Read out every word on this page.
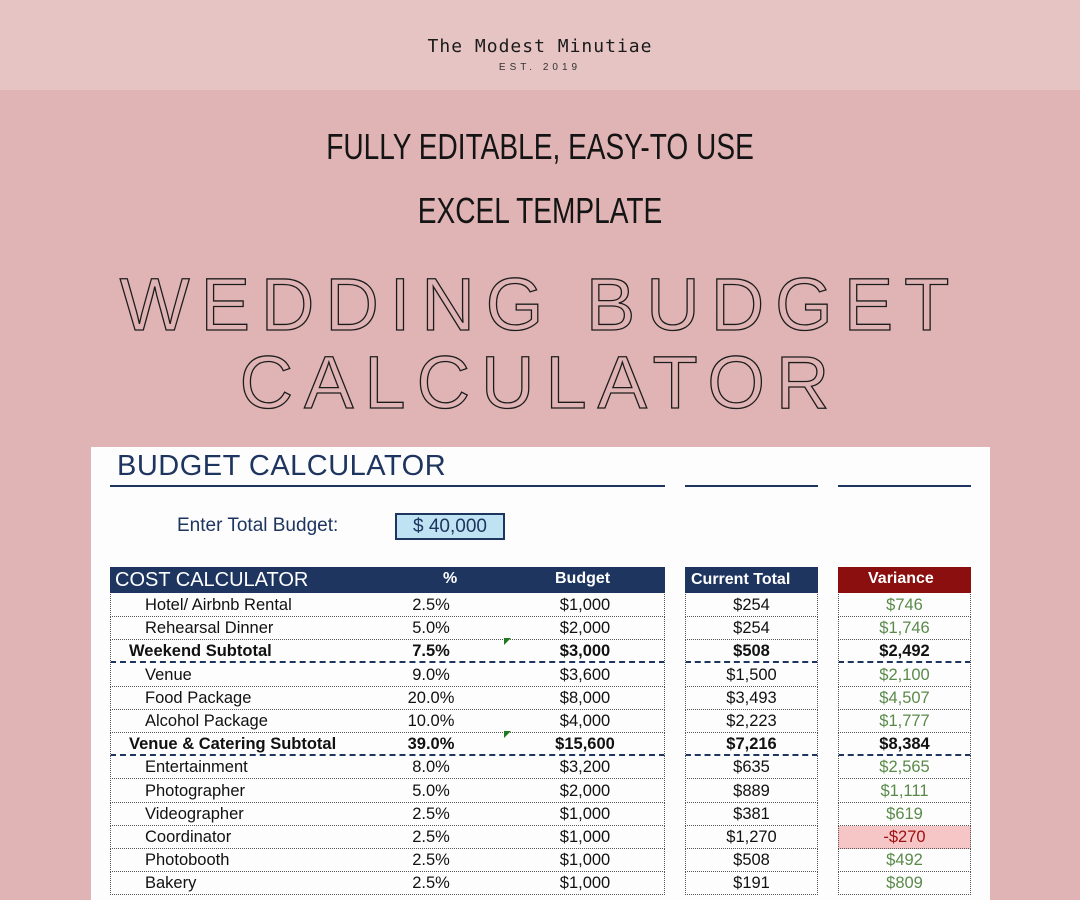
The Modest Minutiae
EST. 2019
FULLY EDITABLE, EASY-TO USE
EXCEL TEMPLATE
WEDDING BUDGET
CALCULATOR
BUDGET CALCULATOR
Enter Total Budget:	$ 40,000
COST CALCULATOR	%	Budget	Current Total	Variance
Hotel/ Airbnb Rental	2.5%	$1,000	$254	$746
Rehearsal Dinner	5.0%	$2,000	$254	$1,746
Weekend Subtotal	7.5%	$3,000	$508	$2,492
Venue	9.0%	$3,600	$1,500	$2,100
Food Package	20.0%	$8,000	$3,493	$4,507
Alcohol Package	10.0%	$4,000	$2,223	$1,777
Venue & Catering Subtotal	39.0%	$15,600	$7,216	$8,384
Entertainment	8.0%	$3,200	$635	$2,565
Photographer	5.0%	$2,000	$889	$1,111
Videographer	2.5%	$1,000	$381	$619
Coordinator	2.5%	$1,000	$1,270	-$270
Photobooth	2.5%	$1,000	$508	$492
Bakery	2.5%	$1,000	$191	$809
